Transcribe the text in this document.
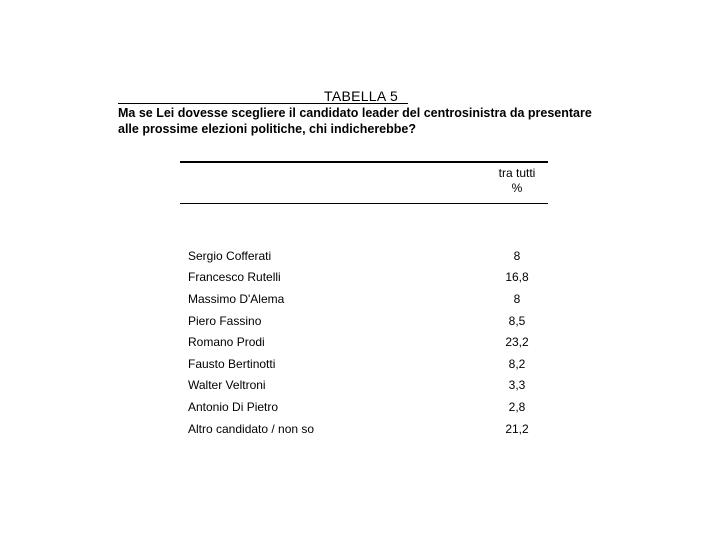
TABELLA 5
Ma se Lei dovesse scegliere il candidato leader del centrosinistra da presentare
alle prossime elezioni politiche, chi indicherebbe?
tra tutti
%
Sergio Cofferati	8
Francesco Rutelli	16,8
Massimo D'Alema	8
Piero Fassino	8,5
Romano Prodi	23,2
Fausto Bertinotti	8,2
Walter Veltroni	3,3
Antonio Di Pietro	2,8
Altro candidato / non so	21,2
